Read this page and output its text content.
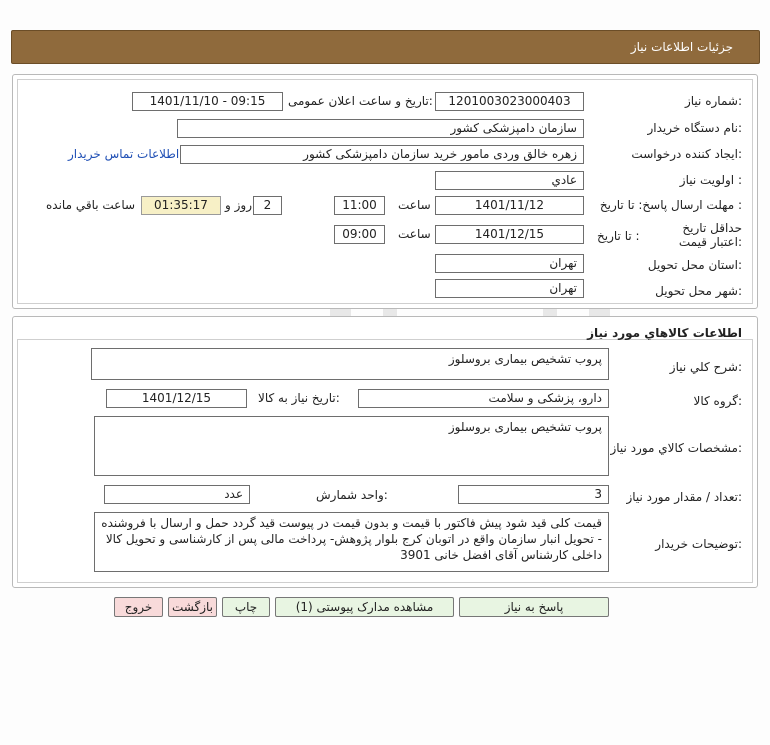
جزئیات اطلاعات نیاز
شماره نیاز:
1201003023000403
تاریخ و ساعت اعلان عمومی:
1401/11/10 - 09:15
نام دستگاه خریدار:
سازمان دامپزشکی کشور
ایجاد کننده درخواست:
زهره خالق وردی مامور خرید سازمان دامپزشکی کشور
اطلاعات تماس خریدار
اولویت نیاز :
عادي
مهلت ارسال پاسخ: تا تاریخ :
1401/11/12
ساعت
11:00
2
روز و
01:35:17
ساعت باقي مانده
حداقل تاریخ اعتبار قیمت:
تا تاریخ :
1401/12/15
ساعت
09:00
استان محل تحویل:
تهران
شهر محل تحویل:
تهران
اطلاعات كالاهاي مورد نياز
شرح كلي نياز:
پروب تشخیص بیماری بروسلوز
گروه كالا:
دارو، پزشکی و سلامت
تاریخ نیاز به کالا:
1401/12/15
مشخصات كالاي مورد نياز:
پروب تشخیص بیماری بروسلوز
تعداد / مقدار مورد نیاز:
3
واحد شمارش:
عدد
توضیحات خریدار:
قیمت کلی قید شود پیش فاکتور با قیمت و بدون قیمت در پیوست قید گردد حمل و ارسال با فروشنده - تحویل انبار سازمان واقع در اتوبان کرج بلوار پژوهش- پرداخت مالی پس از کارشناسی و تحویل کالا داخلی کارشناس آقای افضل خانی 3901
پاسخ به نیاز
مشاهده مدارک پیوستی (1)
چاپ
بازگشت
خروج
